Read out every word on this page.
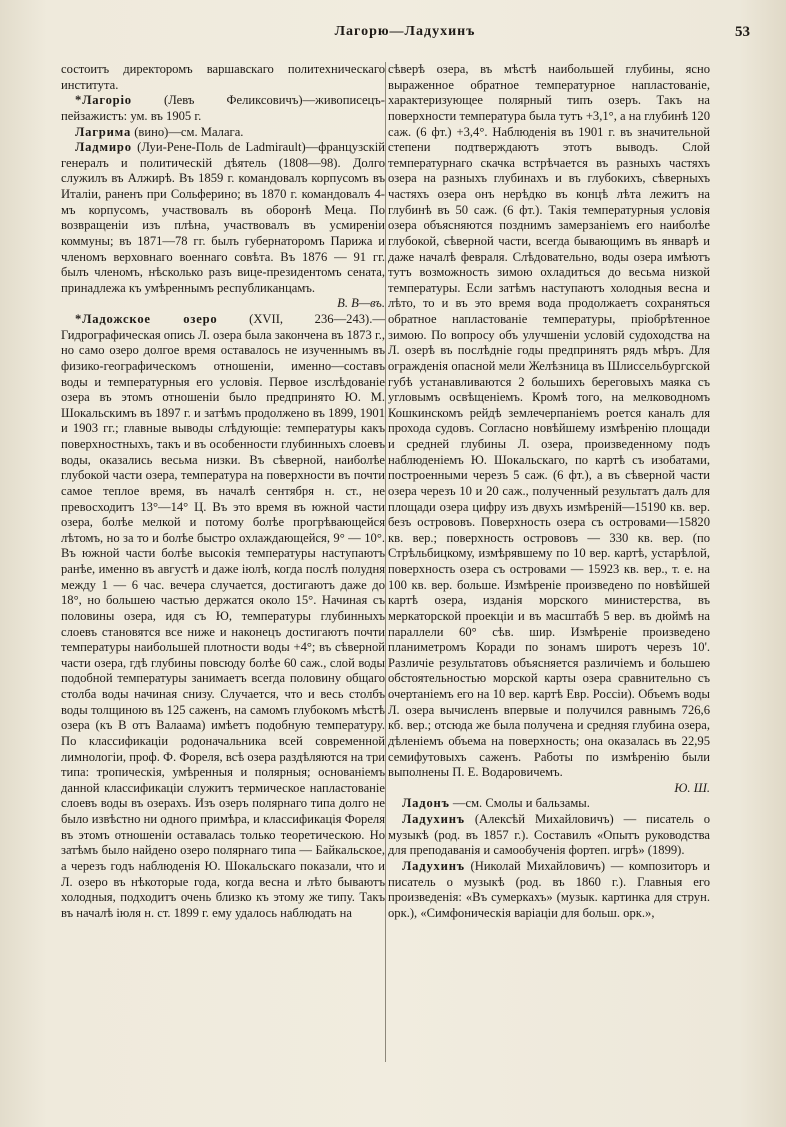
Лагорю—Ладухинъ	53

состоитъ директоромъ варшавскаго политехническаго института.

*Лагорio	(Левъ Феликсовичъ)—живописецъ-пейзажистъ: ум. въ 1905 г.

Лагрима (вино)—см. Малага.

Ладмиро (Луи-Рене-Поль de Ladmirault)—французскiй генералъ и политическiй дѣятель (1808—98). Долго служилъ въ Алжирѣ. Въ 1859 г. командовалъ корпусомъ въ Италiи, раненъ при Сольферино; въ 1870 г. командовалъ 4-мъ корпусомъ, участвовалъ въ оборонѣ Меца. По возвращенiи изъ плѣна, участвовалъ въ усмиренiи коммуны; въ 1871—78 гг. былъ губернаторомъ Парижа и членомъ верховнаго военнаго совѣта. Въ 1876 — 91 гг. былъ членомъ, нѣсколько разъ вице-президентомъ сената, принадлежа къ умѣреннымъ республиканцамъ.
В. В—въ.

*Ладожское озеро	(XVII, 236—243).— Гидрографическая опись Л. озера была закончена въ 1873 г., но само озеро долгое время оставалось не изученнымъ въ физико-географическомъ отношенiи, именно—составъ воды и температурныя его условiя. Первое изслѣдованiе озера въ этомъ отношенiи было предпринято Ю. М. Шокальскимъ въ 1897 г. и затѣмъ продолжено въ 1899, 1901 и 1903 гг.; главные выводы слѣдующiе: температуры какъ поверхностныхъ, такъ и въ особенности глубинныхъ слоевъ воды, оказались весьма низки. Въ сѣверной, наиболѣе глубокой части озера, температура на поверхности въ почти самое теплое время, въ началѣ сентября н. ст., не превосходитъ 13°—14° Ц. Въ это время въ южной части озера, болѣе мелкой и потому болѣе прогрѣвающейся лѣтомъ, но за то и болѣе быстро охлаждающейся, 9° — 10°. Въ южной части болѣе высокiя температуры наступаютъ ранѣе, именно въ августѣ и даже iюлѣ, когда послѣ полудня между 1 — 6 час. вечера случается, достигаютъ даже до 18°, но большею частью держатся около 15°. Начиная съ половины озера, идя съ Ю, температуры глубинныхъ слоевъ становятся все ниже и наконецъ достигаютъ почти температуры наибольшей плотности воды +4°; въ сѣверной части озера, гдѣ глубины повсюду болѣе 60 саж., слой воды подобной температуры занимаетъ всегда половину общаго столба воды начиная снизу. Случается, что и весь столбъ воды толщиною въ 125 саженъ, на самомъ глубокомъ мѣстѣ озера (къ В отъ Валаама) имѣетъ подобную температуру. По классификацiи родоначальника всей современной лимнологiи, проф. Ф. Фореля, всѣ озера раздѣляются на три типа: тропическiя, умѣренныя и полярныя; основанiемъ данной классификацiи служитъ термическое напластованiе слоевъ воды въ озерахъ. Изъ озеръ полярнаго типа долго не было извѣстно ни одного примѣра, и классификацiя Фореля въ этомъ отношенiи оставалась только теоретическою. Но затѣмъ было найдено озеро полярнаго типа — Байкальское, а черезъ годъ наблюденiя Ю. Шокальскаго показали, что и Л. озеро въ нѣкоторые года, когда весна и лѣто бываютъ холодныя, подходитъ очень близко къ этому же типу. Такъ въ началѣ iюля н. ст. 1899 г. ему удалось наблюдать на

сѣверѣ озера, въ мѣстѣ наибольшей глубины, ясно выраженное обратное температурное напластованiе, характеризующее полярный типъ озеръ. Такъ на поверхности температура была тутъ +3,1°, а на глубинѣ 120 саж. (6 фт.) +3,4°. Наблюденiя въ 1901 г. въ значительной степени подтверждаютъ этотъ выводъ. Слой температурнаго скачка встрѣчается въ разныхъ частяхъ озера на разныхъ глубинахъ и въ глубокихъ, сѣверныхъ частяхъ озера онъ нерѣдко въ концѣ лѣта лежитъ на глубинѣ въ 50 саж. (6 фт.). Такiя температурныя условiя озера объясняются позднимъ замерзанiемъ его наиболѣе глубокой, сѣверной части, всегда бывающимъ въ январѣ и даже началѣ февраля. Слѣдовательно, воды озера имѣютъ тутъ возможность зимою охладиться до весьма низкой температуры. Если затѣмъ наступаютъ холодныя весна и лѣто, то и въ это время вода продолжаетъ сохраняться обратное напластованiе температуры, прiобрѣтенное зимою. По вопросу объ улучшенiи условiй судоходства на Л. озерѣ въ послѣднiе годы предпринятъ рядъ мѣръ. Для огражденiя опасной мели Желѣзница въ Шлиссельбургской губѣ устанавливаются 2 большихъ береговыхъ маяка съ угловымъ освѣщенiемъ. Кромѣ того, на мелководномъ Кошкинскомъ рейдѣ землечерпанiемъ роется каналъ для прохода судовъ. Согласно новѣйшему измѣренiю площади и средней глубины Л. озера, произведенному подъ наблюденiемъ Ю. Шокальскаго, по картѣ съ изобатами, построенными черезъ 5 саж. (6 фт.), а въ сѣверной части озера черезъ 10 и 20 саж., полученный результатъ далъ для площади озера цифру изъ двухъ измѣренiй—15190 кв. вер. безъ острововъ. Поверхность озера съ островами—15820 кв. вер.; поверхность острововъ — 330 кв. вер. (по Стрѣльбицкому, измѣрявшему по 10 вер. картѣ, устарѣлой, поверхность озера съ островами — 15923 кв. вер., т. е. на 100 кв. вер. больше. Измѣренiе произведено по новѣйшей картѣ озера, изданiя морского министерства, въ меркаторской проекцiи и въ масштабѣ 5 вер. въ дюймѣ на параллели 60° сѣв. шир. Измѣренiе произведено планиметромъ Коради по зонамъ широтъ черезъ 10'. Различiе результатовъ объясняется различiемъ и большею обстоятельностью морской карты озера сравнительно съ очертанiемъ его на 10 вер. картѣ Евр. Россiи). Объемъ воды Л. озера вычисленъ впервые и получился равнымъ 726,6 кб. вер.; отсюда же была получена и средняя глубина озера, дѣленiемъ объема на поверхность; она оказалась въ 22,95 семифутовыхъ саженъ. Работы по измѣренiю были выполнены П. Е. Водаровичемъ.
Ю. Ш.

Ладонъ —см. Смолы и бальзамы.

Ладухинъ (Алексѣй Михайловичъ) — писатель о музыкѣ (род. въ 1857 г.). Составилъ «Опытъ руководства для преподаванiя и самообученiя фортеп. игрѣ» (1899).

Ладухинъ (Николай Михайловичъ) — композиторъ и писатель о музыкѣ (род. въ 1860 г.). Главныя его произведенiя: «Въ сумеркахъ» (музык. картинка для струн. орк.), «Симфоническiя варiацiи для больш. орк.»,
